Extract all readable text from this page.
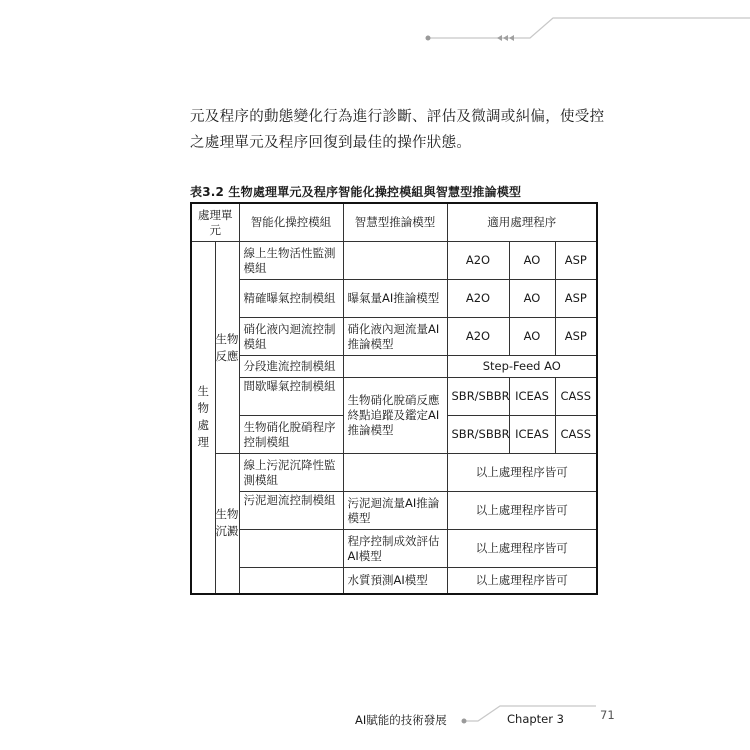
元及程序的動態變化行為進行診斷、評估及微調或糾偏，使受控之處理單元及程序回復到最佳的操作狀態。

表3.2 生物處理單元及程序智能化操控模組與智慧型推論模型

處理單元		智能化操控模組	智慧型推論模型	適用處理程序		
生物處理	生物反應	線上生物活性監測模組		A2O	AO	ASP
		精確曝氣控制模組	曝氣量AI推論模型	A2O	AO	ASP
		硝化液內迴流控制模組	硝化液內迴流量AI推論模型	A2O	AO	ASP
		分段進流控制模組		Step-Feed AO		
		間歇曝氣控制模組	生物硝化脫硝反應終點追蹤及鑑定AI推論模型	SBR/SBBR	ICEAS	CASS
		生物硝化脫硝程序控制模組		SBR/SBBR	ICEAS	CASS
	生物沉澱	線上污泥沉降性監測模組		以上處理程序皆可		
		污泥迴流控制模組	污泥迴流量AI推論模型	以上處理程序皆可		
			程序控制成效評估AI模型	以上處理程序皆可		
			水質預測AI模型	以上處理程序皆可		
AI賦能的技術發展	Chapter 3	71
